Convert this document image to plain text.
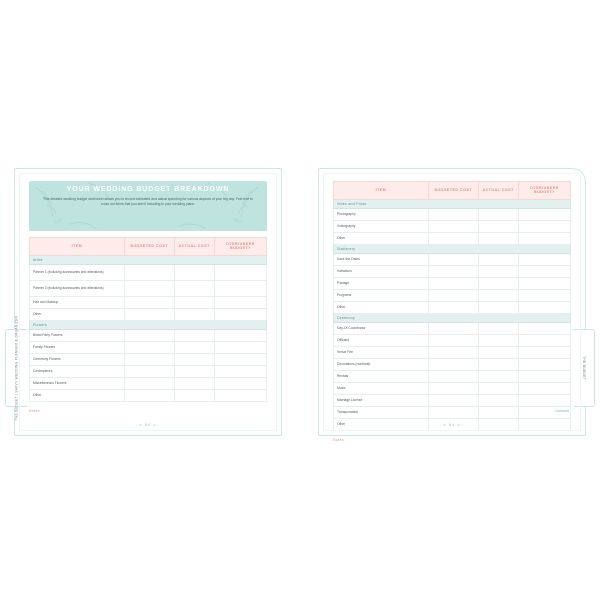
THE BUDGET | SAVVY WEDDING PLANNER & ORGANIZER
YOUR WEDDING BUDGET BREAKDOWN
This detailed wedding budget worksheet allows you to record estimated and actual spending for various aspects of your big day. Feel free to cross out items that you aren't including in your wedding plans.
ITEM	BUDGETED COST	ACTUAL COST	OVER/UNDER BUDGET?
Attire			
Partner 1 (including accessories and alterations)			
Partner 2 (including accessories and alterations)			
Hair and Makeup			
Other			
Flowers			
Bridal Party Flowers			
Family Flowers			
Ceremony Flowers			
Centerpieces			
Miscellaneous Flowers			
Other			
Notes
~⟡ 50 ⟡~
THE BUDGET
ITEM	BUDGETED COST	ACTUAL COST	OVER/UNDER BUDGET?
Video and Photo			
Photography			
Videography			
Other			
Stationery			
Save-the-Dates			
Invitations			
Postage			
Programs			
Other			
Ceremony			
Day-Of Coordinator			
Officiant			
Venue Fee			
Decorations (nonfloral)			
Rentals			
Music			
Marriage License			
Transportation			
Other			
Notes
Continued
~⟡ 51 ⟡~
